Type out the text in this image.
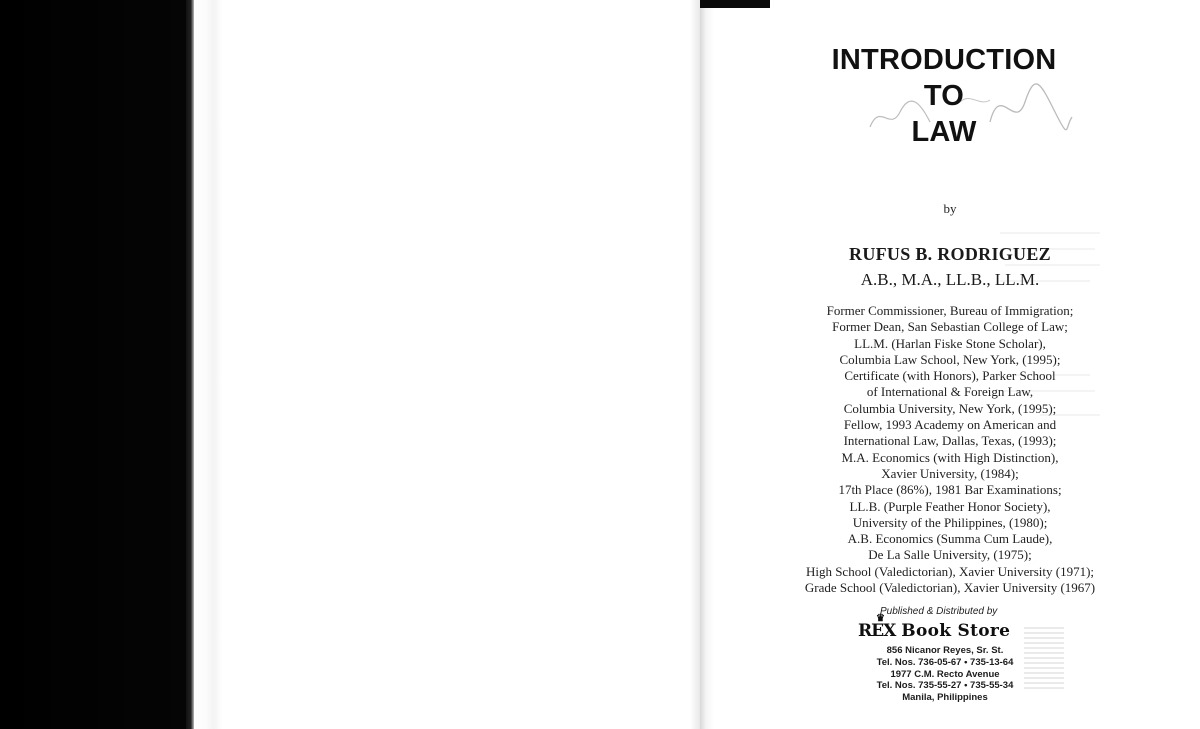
INTRODUCTION
TO
LAW
by
RUFUS B. RODRIGUEZ
A.B., M.A., LL.B., LL.M.
Former Commissioner, Bureau of Immigration;
Former Dean, San Sebastian College of Law;
LL.M. (Harlan Fiske Stone Scholar),
Columbia Law School, New York, (1995);
Certificate (with Honors), Parker School
of International & Foreign Law,
Columbia University, New York, (1995);
Fellow, 1993 Academy on American and
International Law, Dallas, Texas, (1993);
M.A. Economics (with High Distinction),
Xavier University, (1984);
17th Place (86%), 1981 Bar Examinations;
LL.B. (Purple Feather Honor Society),
University of the Philippines, (1980);
A.B. Economics (Summa Cum Laude),
De La Salle University, (1975);
High School (Valedictorian), Xavier University (1971);
Grade School (Valedictorian), Xavier University (1967)
Published & Distributed by
♛
REX Book Store
856 Nicanor Reyes, Sr. St.
Tel. Nos. 736-05-67 • 735-13-64
1977 C.M. Recto Avenue
Tel. Nos. 735-55-27 • 735-55-34
Manila, Philippines
